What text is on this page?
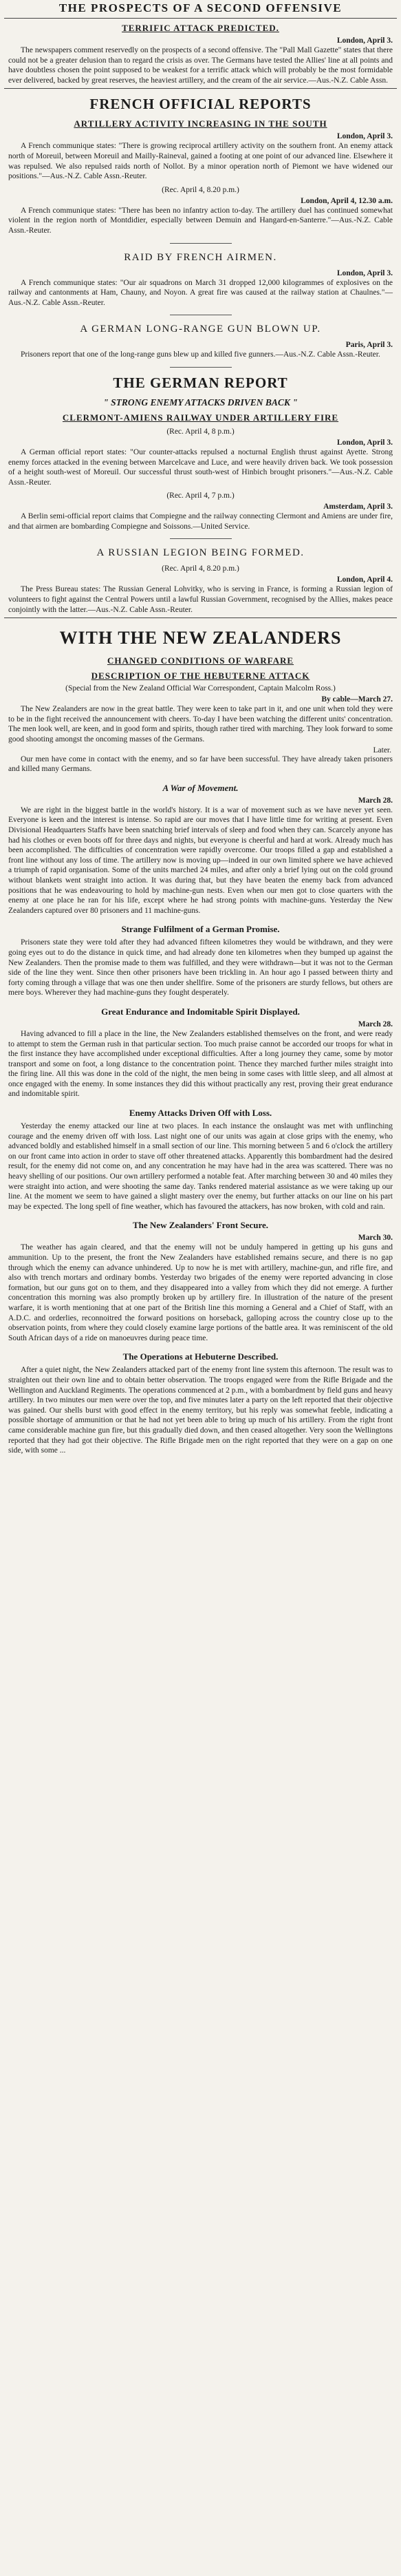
THE PROSPECTS OF A SECOND OFFENSIVE
TERRIFIC ATTACK PREDICTED.
London, April 3.

The newspapers comment reservedly on the prospects of a second offensive. The "Pall Mall Gazette" states that there could not be a greater delusion than to regard the crisis as over. The Germans have tested the Allies' line at all points and have doubtless chosen the point supposed to be weakest for a terrific attack which will probably be the most formidable ever delivered, backed by great reserves, the heaviest artillery, and the cream of the air service.—Aus.-N.Z. Cable Assn.

FRENCH OFFICIAL REPORTS
ARTILLERY ACTIVITY INCREASING IN THE SOUTH
London, April 3.

A French communique states: "There is growing reciprocal artillery activity on the southern front. An enemy attack north of Moreuil, between Moreuil and Mailly-Raineval, gained a footing at one point of our advanced line. Elsewhere it was repulsed. We also repulsed raids north of Nollot. By a minor operation north of Piemont we have widened our positions."—Aus.-N.Z. Cable Assn.-Reuter.

(Rec. April 4, 8.20 p.m.)
London, April 4, 12.30 a.m.

A French communique states: "There has been no infantry action to-day. The artillery duel has continued somewhat violent in the region north of Montdidier, especially between Demuin and Hangard-en-Santerre."—Aus.-N.Z. Cable Assn.-Reuter.

RAID BY FRENCH AIRMEN.
London, April 3.

A French communique states: "Our air squadrons on March 31 dropped 12,000 kilogrammes of explosives on the railway and cantonments at Ham, Chauny, and Noyon. A great fire was caused at the railway station at Chaulnes."—Aus.-N.Z. Cable Assn.-Reuter.

A GERMAN LONG-RANGE GUN BLOWN UP.
Paris, April 3.

Prisoners report that one of the long-range guns blew up and killed five gunners.—Aus.-N.Z. Cable Assn.-Reuter.

THE GERMAN REPORT
" STRONG ENEMY ATTACKS DRIVEN BACK "
CLERMONT-AMIENS RAILWAY UNDER ARTILLERY FIRE
(Rec. April 4, 8 p.m.)
London, April 3.

A German official report states: "Our counter-attacks repulsed a nocturnal English thrust against Ayette. Strong enemy forces attacked in the evening between Marcelcave and Luce, and were heavily driven back. We took possession of a height south-west of Moreuil. Our successful thrust south-west of Hinbich brought prisoners."—Aus.-N.Z. Cable Assn.-Reuter.

(Rec. April 4, 7 p.m.)
Amsterdam, April 3.

A Berlin semi-official report claims that Compiegne and the railway connecting Clermont and Amiens are under fire, and that airmen are bombarding Compiegne and Soissons.—United Service.

A RUSSIAN LEGION BEING FORMED.
(Rec. April 4, 8.20 p.m.)
London, April 4.

The Press Bureau states: The Russian General Lohvitky, who is serving in France, is forming a Russian legion of volunteers to fight against the Central Powers until a lawful Russian Government, recognised by the Allies, makes peace conjointly with the latter.—Aus.-N.Z. Cable Assn.-Reuter.

WITH THE NEW ZEALANDERS
CHANGED CONDITIONS OF WARFARE
DESCRIPTION OF THE HEBUTERNE ATTACK
(Special from the New Zealand Official War Correspondent, Captain Malcolm Ross.)
By cable—March 27.

The New Zealanders are now in the great battle. They were keen to take part in it, and one unit when told they were to be in the fight received the announcement with cheers. To-day I have been watching the different units' concentration. The men look well, are keen, and in good form and spirits, though rather tired with marching. They look forward to some good shooting amongst the oncoming masses of the Germans.

Later.

Our men have come in contact with the enemy, and so far have been successful. They have already taken prisoners and killed many Germans.

A War of Movement.
March 28.

We are right in the biggest battle in the world's history. It is a war of movement such as we have never yet seen. Everyone is keen and the interest is intense. So rapid are our moves that I have little time for writing at present. Even Divisional Headquarters Staffs have been snatching brief intervals of sleep and food when they can. Scarcely anyone has had his clothes or even boots off for three days and nights, but everyone is cheerful and hard at work. Already much has been accomplished. The difficulties of concentration were rapidly overcome. Our troops filled a gap and established a front line without any loss of time. The artillery now is moving up—indeed in our own limited sphere we have achieved a triumph of rapid organisation. Some of the units marched 24 miles, and after only a brief lying out on the cold ground without blankets went straight into action. It was during that, but they have beaten the enemy back from advanced positions that he was endeavouring to hold by machine-gun nests. Even when our men got to close quarters with the enemy at one place he ran for his life, except where he had strong points with machine-guns. Yesterday the New Zealanders captured over 80 prisoners and 11 machine-guns.

Strange Fulfilment of a German Promise.

Prisoners state they were told after they had advanced fifteen kilometres they would be withdrawn, and they were going eyes out to do the distance in quick time, and had already done ten kilometres when they bumped up against the New Zealanders. Then the promise made to them was fulfilled, and they were withdrawn—but it was not to the German side of the line they went. Since then other prisoners have been trickling in. An hour ago I passed between thirty and forty coming through a village that was one then under shellfire. Some of the prisoners are sturdy fellows, but others are mere boys. Wherever they had machine-guns they fought desperately.

Great Endurance and Indomitable Spirit Displayed.
March 28.

Having advanced to fill a place in the line, the New Zealanders established themselves on the front, and were ready to attempt to stem the German rush in that particular section. Too much praise cannot be accorded our troops for what in the first instance they have accomplished under exceptional difficulties. After a long journey they came, some by motor transport and some on foot, a long distance to the concentration point. Thence they marched further miles straight into the firing line. All this was done in the cold of the night, the men being in some cases with little sleep, and all almost at once engaged with the enemy. In some instances they did this without practically any rest, proving their great endurance and indomitable spirit.

Enemy Attacks Driven Off with Loss.

Yesterday the enemy attacked our line at two places. In each instance the onslaught was met with unflinching courage and the enemy driven off with loss. Last night one of our units was again at close grips with the enemy, who advanced boldly and established himself in a small section of our line. This morning between 5 and 6 o'clock the artillery on our front came into action in order to stave off other threatened attacks. Apparently this bombardment had the desired result, for the enemy did not come on, and any concentration he may have had in the area was scattered. There was no heavy shelling of our positions. Our own artillery performed a notable feat. After marching between 30 and 40 miles they were straight into action, and were shooting the same day. Tanks rendered material assistance as we were taking up our line. At the moment we seem to have gained a slight mastery over the enemy, but further attacks on our line on his part may be expected. The long spell of fine weather, which has favoured the attackers, has now broken, with cold and rain.

The New Zealanders' Front Secure.
March 30.

The weather has again cleared, and that the enemy will not be unduly hampered in getting up his guns and ammunition. Up to the present, the front the New Zealanders have established remains secure, and there is no gap through which the enemy can advance unhindered. Up to now he is met with artillery, machine-gun, and rifle fire, and also with trench mortars and ordinary bombs. Yesterday two brigades of the enemy were reported advancing in close formation, but our guns got on to them, and they disappeared into a valley from which they did not emerge. A further concentration this morning was also promptly broken up by artillery fire. In illustration of the nature of the present warfare, it is worth mentioning that at one part of the British line this morning a General and a Chief of Staff, with an A.D.C. and orderlies, reconnoitred the forward positions on horseback, galloping across the country close up to the observation points, from where they could closely examine large portions of the battle area. It was reminiscent of the old South African days of a ride on manoeuvres during peace time.

The Operations at Hebuterne Described.

After a quiet night, the New Zealanders attacked part of the enemy front line system this afternoon. The result was to straighten out their own line and to obtain better observation. The troops engaged were from the Rifle Brigade and the Wellington and Auckland Regiments. The operations commenced at 2 p.m., with a bombardment by field guns and heavy artillery. In two minutes our men were over the top, and five minutes later a party on the left reported that their objective was gained. Our shells burst with good effect in the enemy territory, but his reply was somewhat feeble, indicating a possible shortage of ammunition or that he had not yet been able to bring up much of his artillery. From the right front came considerable machine gun fire, but this gradually died down, and then ceased altogether. Very soon the Wellingtons reported that they had got their objective. The Rifle Brigade men on the right reported that they were on a gap on one side, with some ...
